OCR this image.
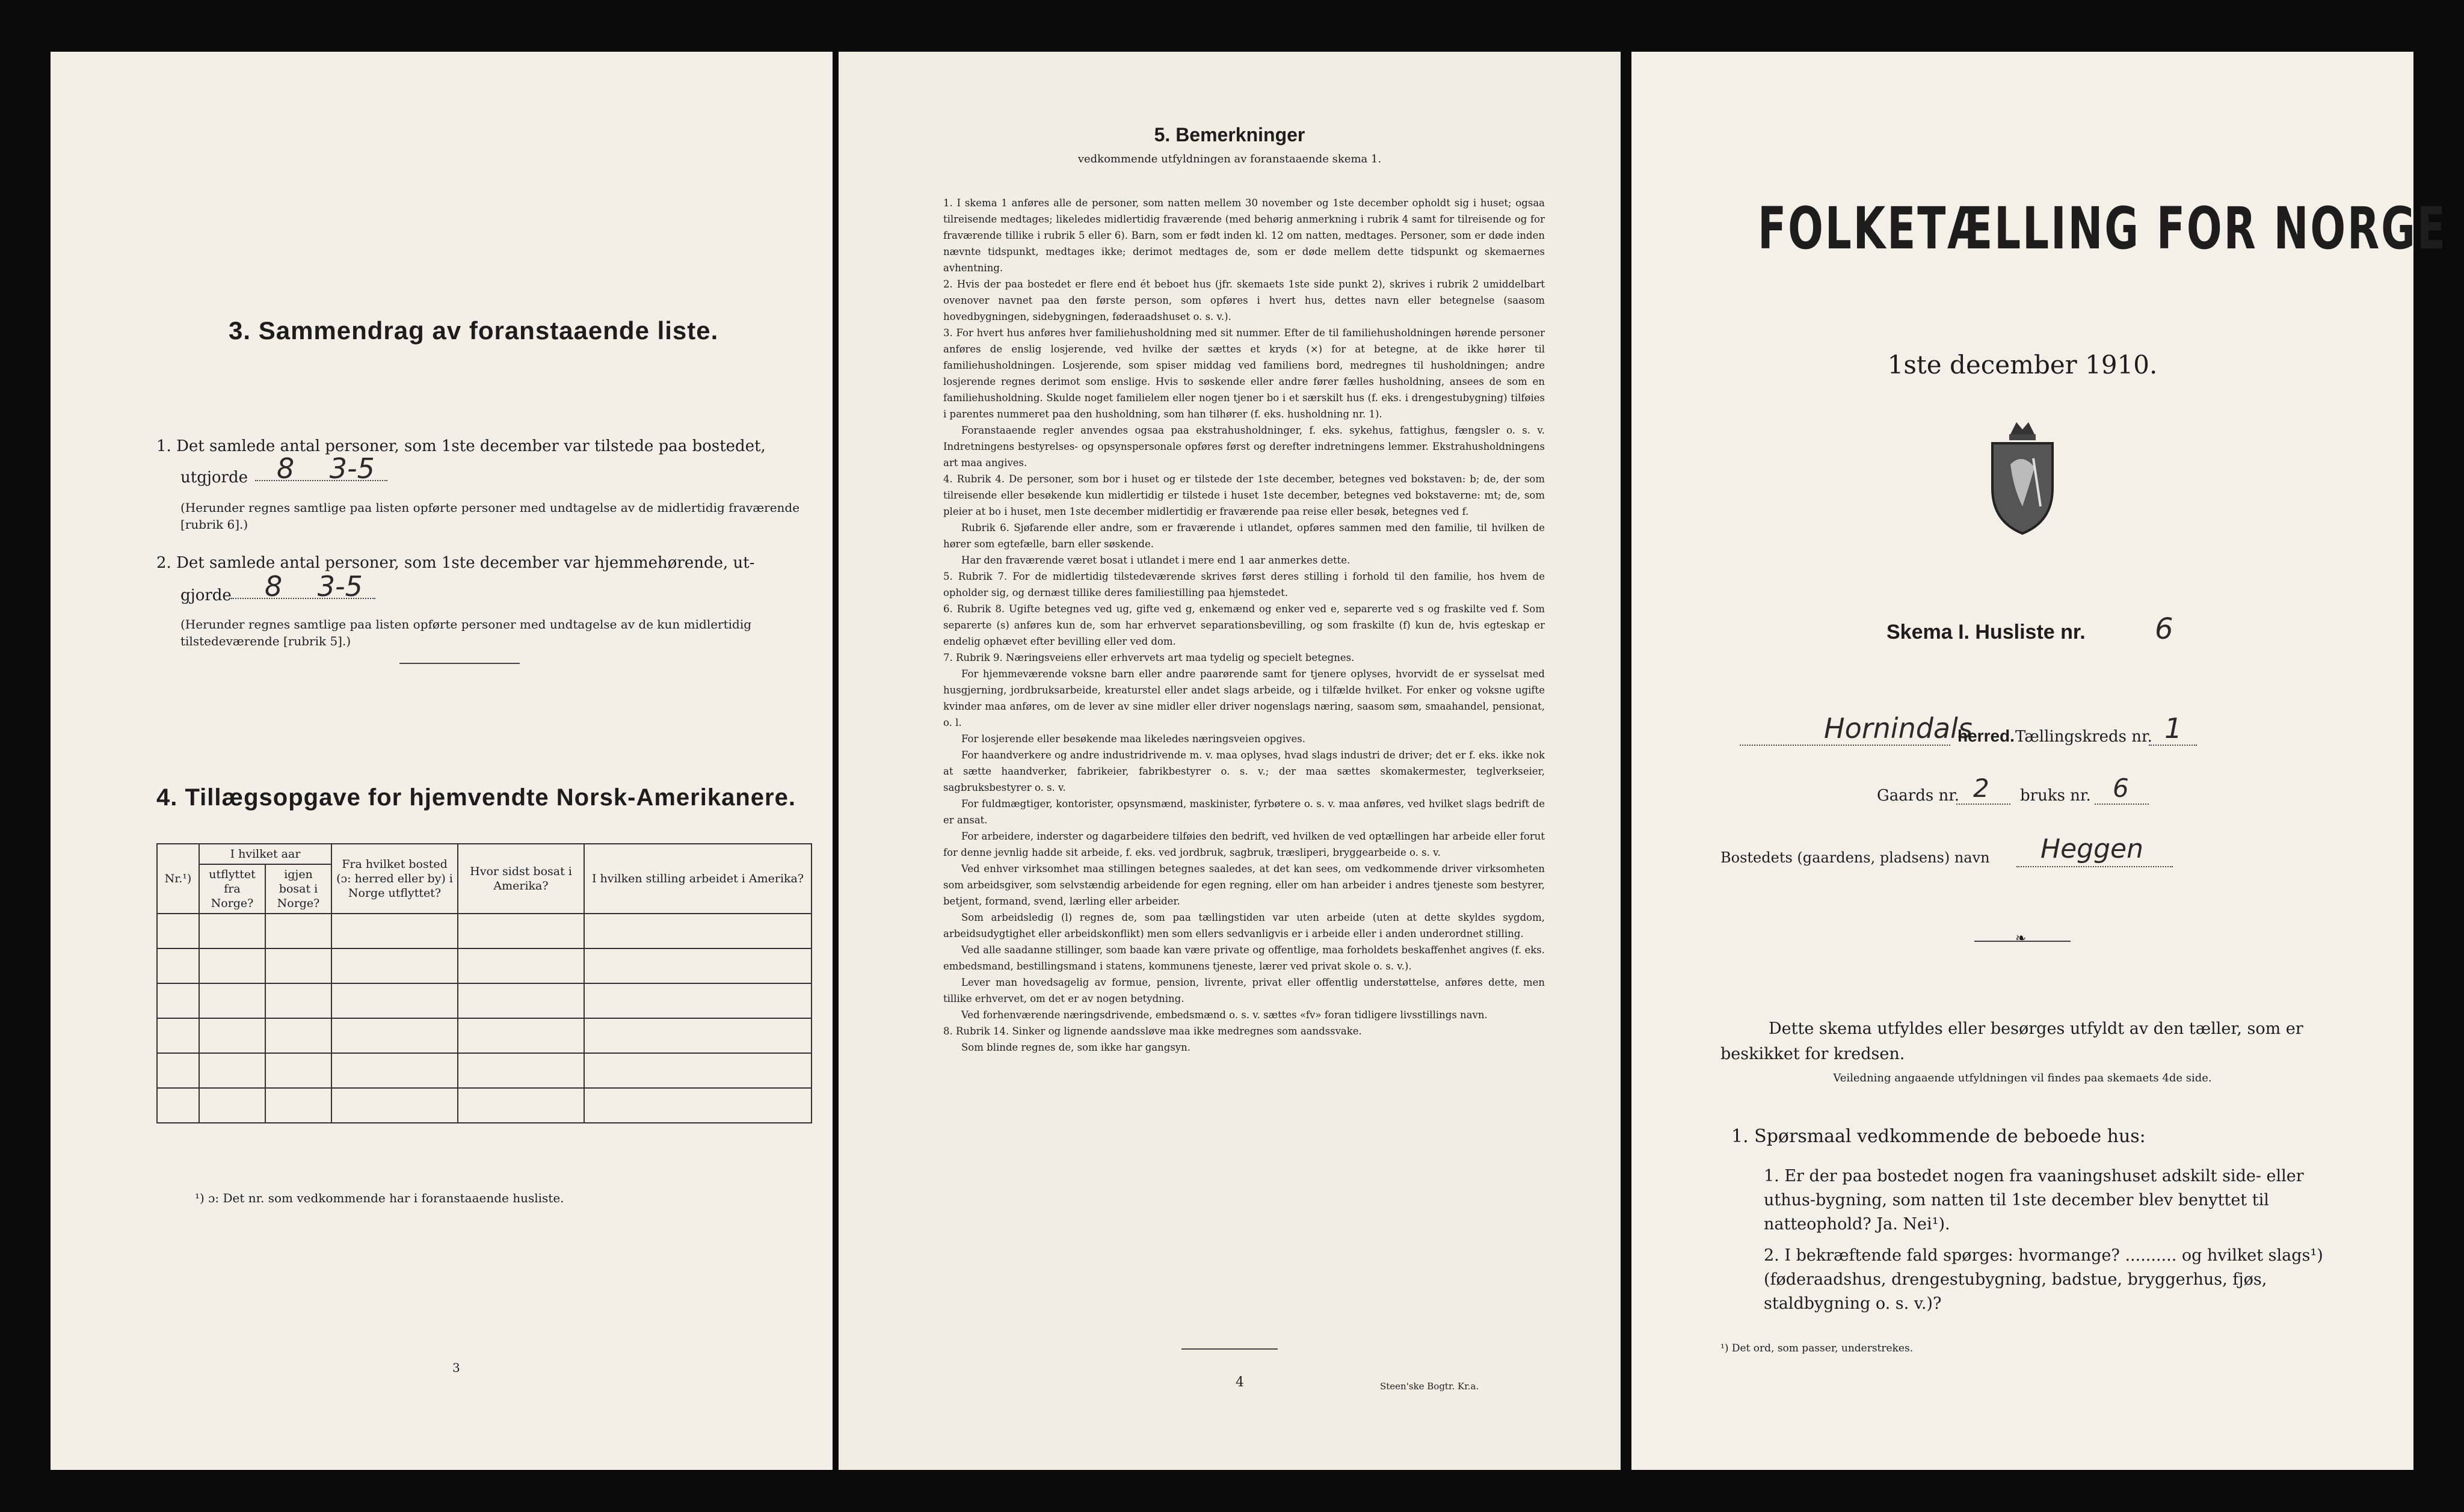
3. Sammendrag av foranstaaende liste.
1. Det samlede antal personer, som 1ste december var tilstede paa bostedet,
utgjorde 8    3-5
(Herunder regnes samtlige paa listen opførte personer med undtagelse av de midlertidig fraværende [rubrik 6].)
2. Det samlede antal personer, som 1ste december var hjemmehørende, ut-
gjorde 8    3-5
(Herunder regnes samtlige paa listen opførte personer med undtagelse av de kun midlertidig tilstedeværende [rubrik 5].)
4. Tillægsopgave for hjemvendte Norsk-Amerikanere.
Nr.¹)	I hvilket aar		Fra hvilket bosted (ɔ: herred eller by) i Norge utflyttet?	Hvor sidst bosat i Amerika?	I hvilken stilling arbeidet i Amerika?
	utflyttet fra Norge?	igjen bosat i Norge?			

¹) ɔ: Det nr. som vedkommende har i foranstaaende husliste.
3
5. Bemerkninger
vedkommende utfyldningen av foranstaaende skema 1.
1. I skema 1 anføres alle de personer, som natten mellem 30 november og 1ste december opholdt sig i huset; ogsaa tilreisende medtages; likeledes midlertidig fraværende (med behørig anmerkning i rubrik 4 samt for tilreisende og for fraværende tillike i rubrik 5 eller 6). Barn, som er født inden kl. 12 om natten, medtages. Personer, som er døde inden nævnte tidspunkt, medtages ikke; derimot medtages de, som er døde mellem dette tidspunkt og skemaernes avhentning.
2. Hvis der paa bostedet er flere end ét beboet hus (jfr. skemaets 1ste side punkt 2), skrives i rubrik 2 umiddelbart ovenover navnet paa den første person, som opføres i hvert hus, dettes navn eller betegnelse (saasom hovedbygningen, sidebygningen, føderaadshuset o. s. v.).
3. For hvert hus anføres hver familiehusholdning med sit nummer. Efter de til familiehusholdningen hørende personer anføres de enslig losjerende, ved hvilke der sættes et kryds (×) for at betegne, at de ikke hører til familiehusholdningen. Losjerende, som spiser middag ved familiens bord, medregnes til husholdningen; andre losjerende regnes derimot som enslige. Hvis to søskende eller andre fører fælles husholdning, ansees de som en familiehusholdning. Skulde noget familielem eller nogen tjener bo i et særskilt hus (f. eks. i drengestubygning) tilføies i parentes nummeret paa den husholdning, som han tilhører (f. eks. husholdning nr. 1).
Foranstaaende regler anvendes ogsaa paa ekstrahusholdninger, f. eks. sykehus, fattighus, fængsler o. s. v. Indretningens bestyrelses- og opsynspersonale opføres først og derefter indretningens lemmer. Ekstrahusholdningens art maa angives.
4. Rubrik 4. De personer, som bor i huset og er tilstede der 1ste december, betegnes ved bokstaven: b; de, der som tilreisende eller besøkende kun midlertidig er tilstede i huset 1ste december, betegnes ved bokstaverne: mt; de, som pleier at bo i huset, men 1ste december midlertidig er fraværende paa reise eller besøk, betegnes ved f.
Rubrik 6. Sjøfarende eller andre, som er fraværende i utlandet, opføres sammen med den familie, til hvilken de hører som egtefælle, barn eller søskende.
Har den fraværende været bosat i utlandet i mere end 1 aar anmerkes dette.
5. Rubrik 7. For de midlertidig tilstedeværende skrives først deres stilling i forhold til den familie, hos hvem de opholder sig, og dernæst tillike deres familiestilling paa hjemstedet.
6. Rubrik 8. Ugifte betegnes ved ug, gifte ved g, enkemænd og enker ved e, separerte ved s og fraskilte ved f. Som separerte (s) anføres kun de, som har erhvervet separationsbevilling, og som fraskilte (f) kun de, hvis egteskap er endelig ophævet efter bevilling eller ved dom.
7. Rubrik 9. Næringsveiens eller erhvervets art maa tydelig og specielt betegnes.
For hjemmeværende voksne barn eller andre paarørende samt for tjenere oplyses, hvorvidt de er sysselsat med husgjerning, jordbruksarbeide, kreaturstel eller andet slags arbeide, og i tilfælde hvilket. For enker og voksne ugifte kvinder maa anføres, om de lever av sine midler eller driver nogenslags næring, saasom søm, smaahandel, pensionat, o. l.
For losjerende eller besøkende maa likeledes næringsveien opgives.
For haandverkere og andre industridrivende m. v. maa oplyses, hvad slags industri de driver; det er f. eks. ikke nok at sætte haandverker, fabrikeier, fabrikbestyrer o. s. v.; der maa sættes skomakermester, teglverkseier, sagbruksbestyrer o. s. v.
For fuldmægtiger, kontorister, opsynsmænd, maskinister, fyrbøtere o. s. v. maa anføres, ved hvilket slags bedrift de er ansat.
For arbeidere, inderster og dagarbeidere tilføies den bedrift, ved hvilken de ved optællingen har arbeide eller forut for denne jevnlig hadde sit arbeide, f. eks. ved jordbruk, sagbruk, træsliperi, bryggearbeide o. s. v.
Ved enhver virksomhet maa stillingen betegnes saaledes, at det kan sees, om vedkommende driver virksomheten som arbeidsgiver, som selvstændig arbeidende for egen regning, eller om han arbeider i andres tjeneste som bestyrer, betjent, formand, svend, lærling eller arbeider.
Som arbeidsledig (l) regnes de, som paa tællingstiden var uten arbeide (uten at dette skyldes sygdom, arbeidsudygtighet eller arbeidskonflikt) men som ellers sedvanligvis er i arbeide eller i anden underordnet stilling.
Ved alle saadanne stillinger, som baade kan være private og offentlige, maa forholdets beskaffenhet angives (f. eks. embedsmand, bestillingsmand i statens, kommunens tjeneste, lærer ved privat skole o. s. v.).
Lever man hovedsagelig av formue, pension, livrente, privat eller offentlig understøttelse, anføres dette, men tillike erhvervet, om det er av nogen betydning.
Ved forhenværende næringsdrivende, embedsmænd o. s. v. sættes «fv» foran tidligere livsstillings navn.
8. Rubrik 14. Sinker og lignende aandssløve maa ikke medregnes som aandssvake.
Som blinde regnes de, som ikke har gangsyn.
4	Steen'ske Bogtr. Kr.a.
FOLKETÆLLING FOR NORGE
1ste december 1910.
Skema I. Husliste nr. 6
Hornindals
herred. Tællingskreds nr. 1
Gaards nr. 2 bruks nr. 6
Bostedets (gaardens, pladsens) navn Heggen
❧
Dette skema utfyldes eller besørges utfyldt av den tæller, som er beskikket for kredsen.
Veiledning angaaende utfyldningen vil findes paa skemaets 4de side.
1. Spørsmaal vedkommende de beboede hus:
1. Er der paa bostedet nogen fra vaaningshuset adskilt side- eller uthus-bygning, som natten til 1ste december blev benyttet til natteophold? Ja. Nei¹).
2. I bekræftende fald spørges: hvormange? .......... og hvilket slags¹) (føderaadshus, drengestubygning, badstue, bryggerhus, fjøs, staldbygning o. s. v.)?
¹) Det ord, som passer, understrekes.
